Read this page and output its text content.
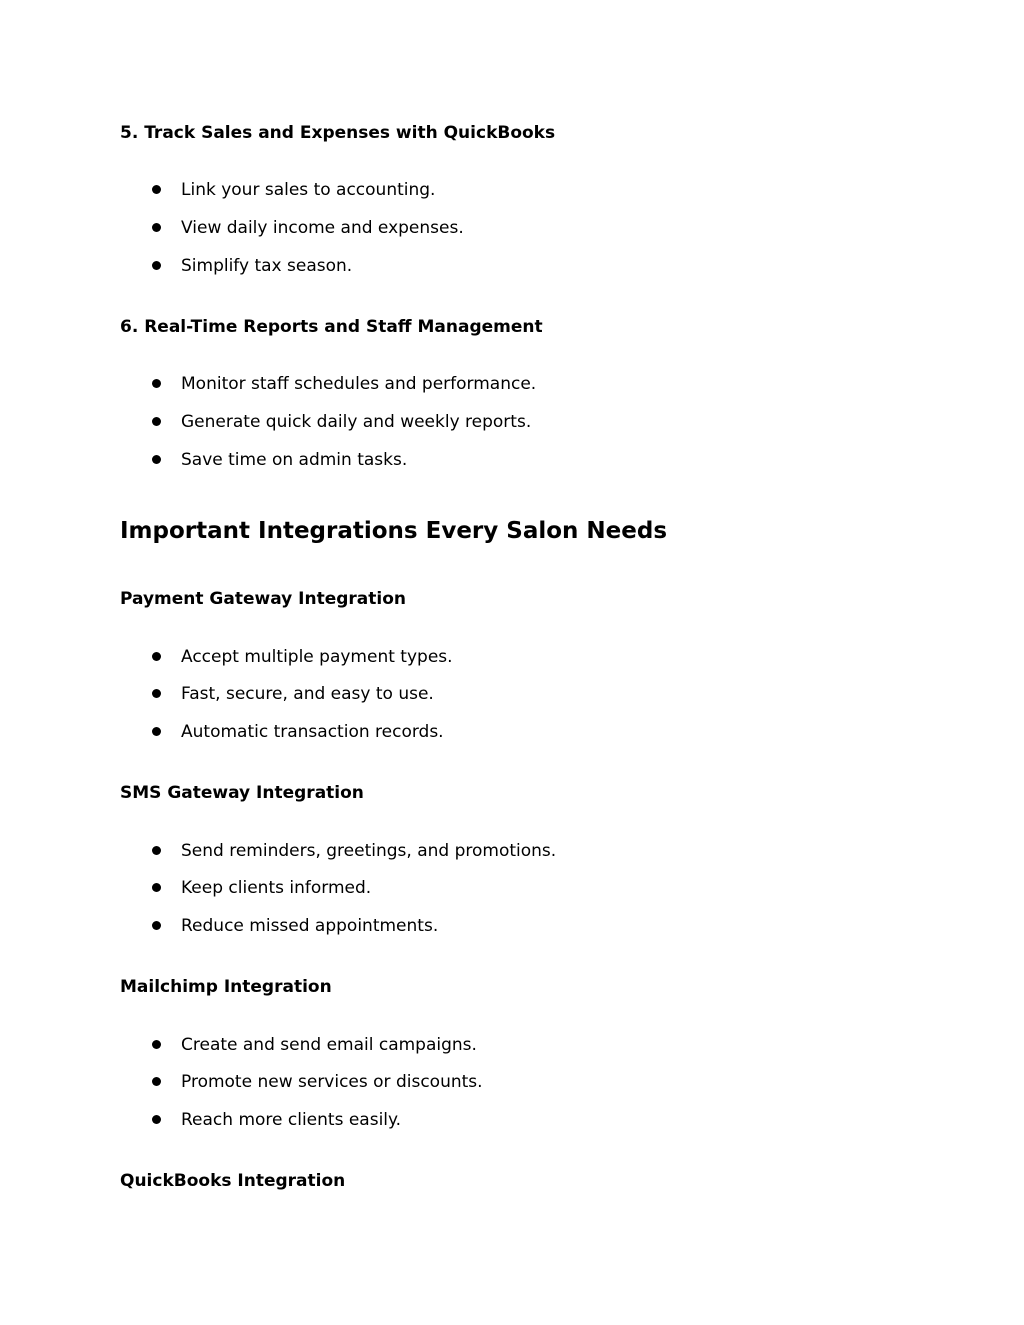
5. Track Sales and Expenses with QuickBooks
Link your sales to accounting.
View daily income and expenses.
Simplify tax season.
6. Real-Time Reports and Staff Management
Monitor staff schedules and performance.
Generate quick daily and weekly reports.
Save time on admin tasks.
Important Integrations Every Salon Needs
Payment Gateway Integration
Accept multiple payment types.
Fast, secure, and easy to use.
Automatic transaction records.
SMS Gateway Integration
Send reminders, greetings, and promotions.
Keep clients informed.
Reduce missed appointments.
Mailchimp Integration
Create and send email campaigns.
Promote new services or discounts.
Reach more clients easily.
QuickBooks Integration
